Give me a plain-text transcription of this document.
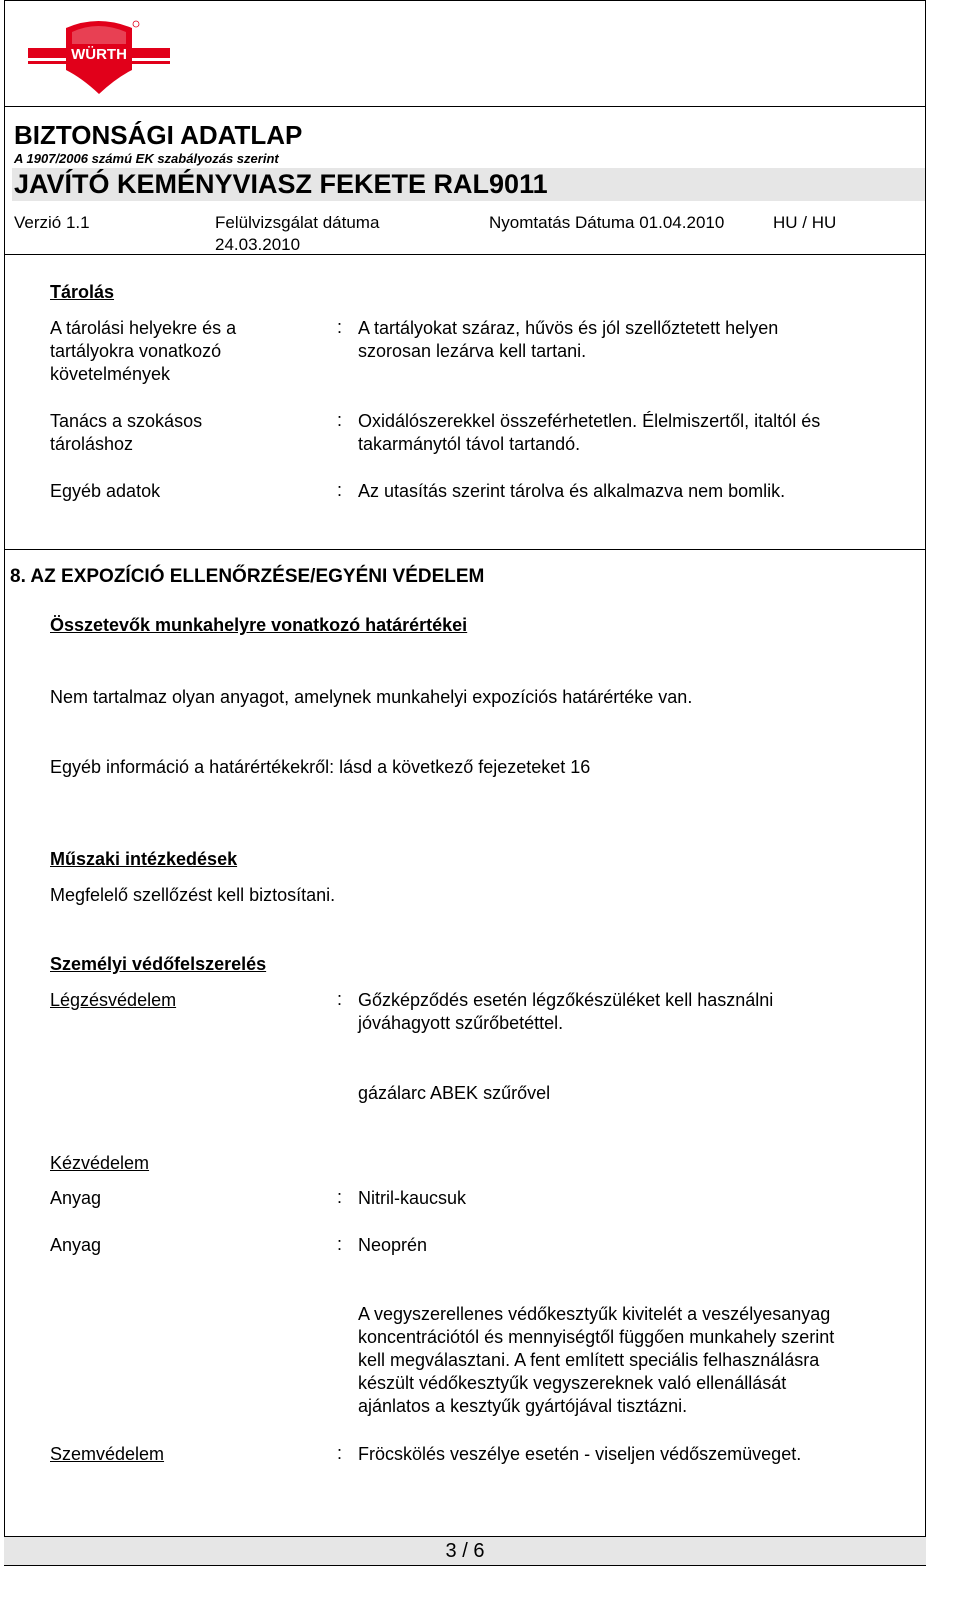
WÜRTH
BIZTONSÁGI ADATLAP
A 1907/2006 számú EK szabályozás szerint
JAVÍTÓ KEMÉNYVIASZ FEKETE RAL9011
Verzió 1.1	Felülvizsgálat dátuma
24.03.2010
Nyomtatás Dátuma 01.04.2010	HU / HU
Tárolás
A tárolási helyekre és a
tartályokra vonatkozó
követelmények
: A tartályokat száraz, hűvös és jól szellőztetett helyen
szorosan lezárva kell tartani.
Tanács a szokásos
tároláshoz
: Oxidálószerekkel összeférhetetlen. Élelmiszertől, italtól és
takarmánytól távol tartandó.
Egyéb adatok	: Az utasítás szerint tárolva és alkalmazva nem bomlik.
8. AZ EXPOZÍCIÓ ELLENŐRZÉSE/EGYÉNI VÉDELEM
Összetevők munkahelyre vonatkozó határértékei
Nem tartalmaz olyan anyagot, amelynek munkahelyi expozíciós határértéke van.
Egyéb információ a határértékekről: lásd a következő fejezeteket 16
Műszaki intézkedések
Megfelelő szellőzést kell biztosítani.
Személyi védőfelszerelés
Légzésvédelem	: Gőzképződés esetén légzőkészüléket kell használni
jóváhagyott szűrőbetéttel.
gázálarc ABEK szűrővel
Kézvédelem
Anyag	: Nitril-kaucsuk
Anyag	: Neoprén
A vegyszerellenes védőkesztyűk kivitelét a veszélyesanyag
koncentrációtól és mennyiségtől függően munkahely szerint
kell megválasztani. A fent említett speciális felhasználásra
készült védőkesztyűk vegyszereknek való ellenállását
ajánlatos a kesztyűk gyártójával tisztázni.
Szemvédelem	: Fröcskölés veszélye esetén - viseljen védőszemüveget.
3 / 6
